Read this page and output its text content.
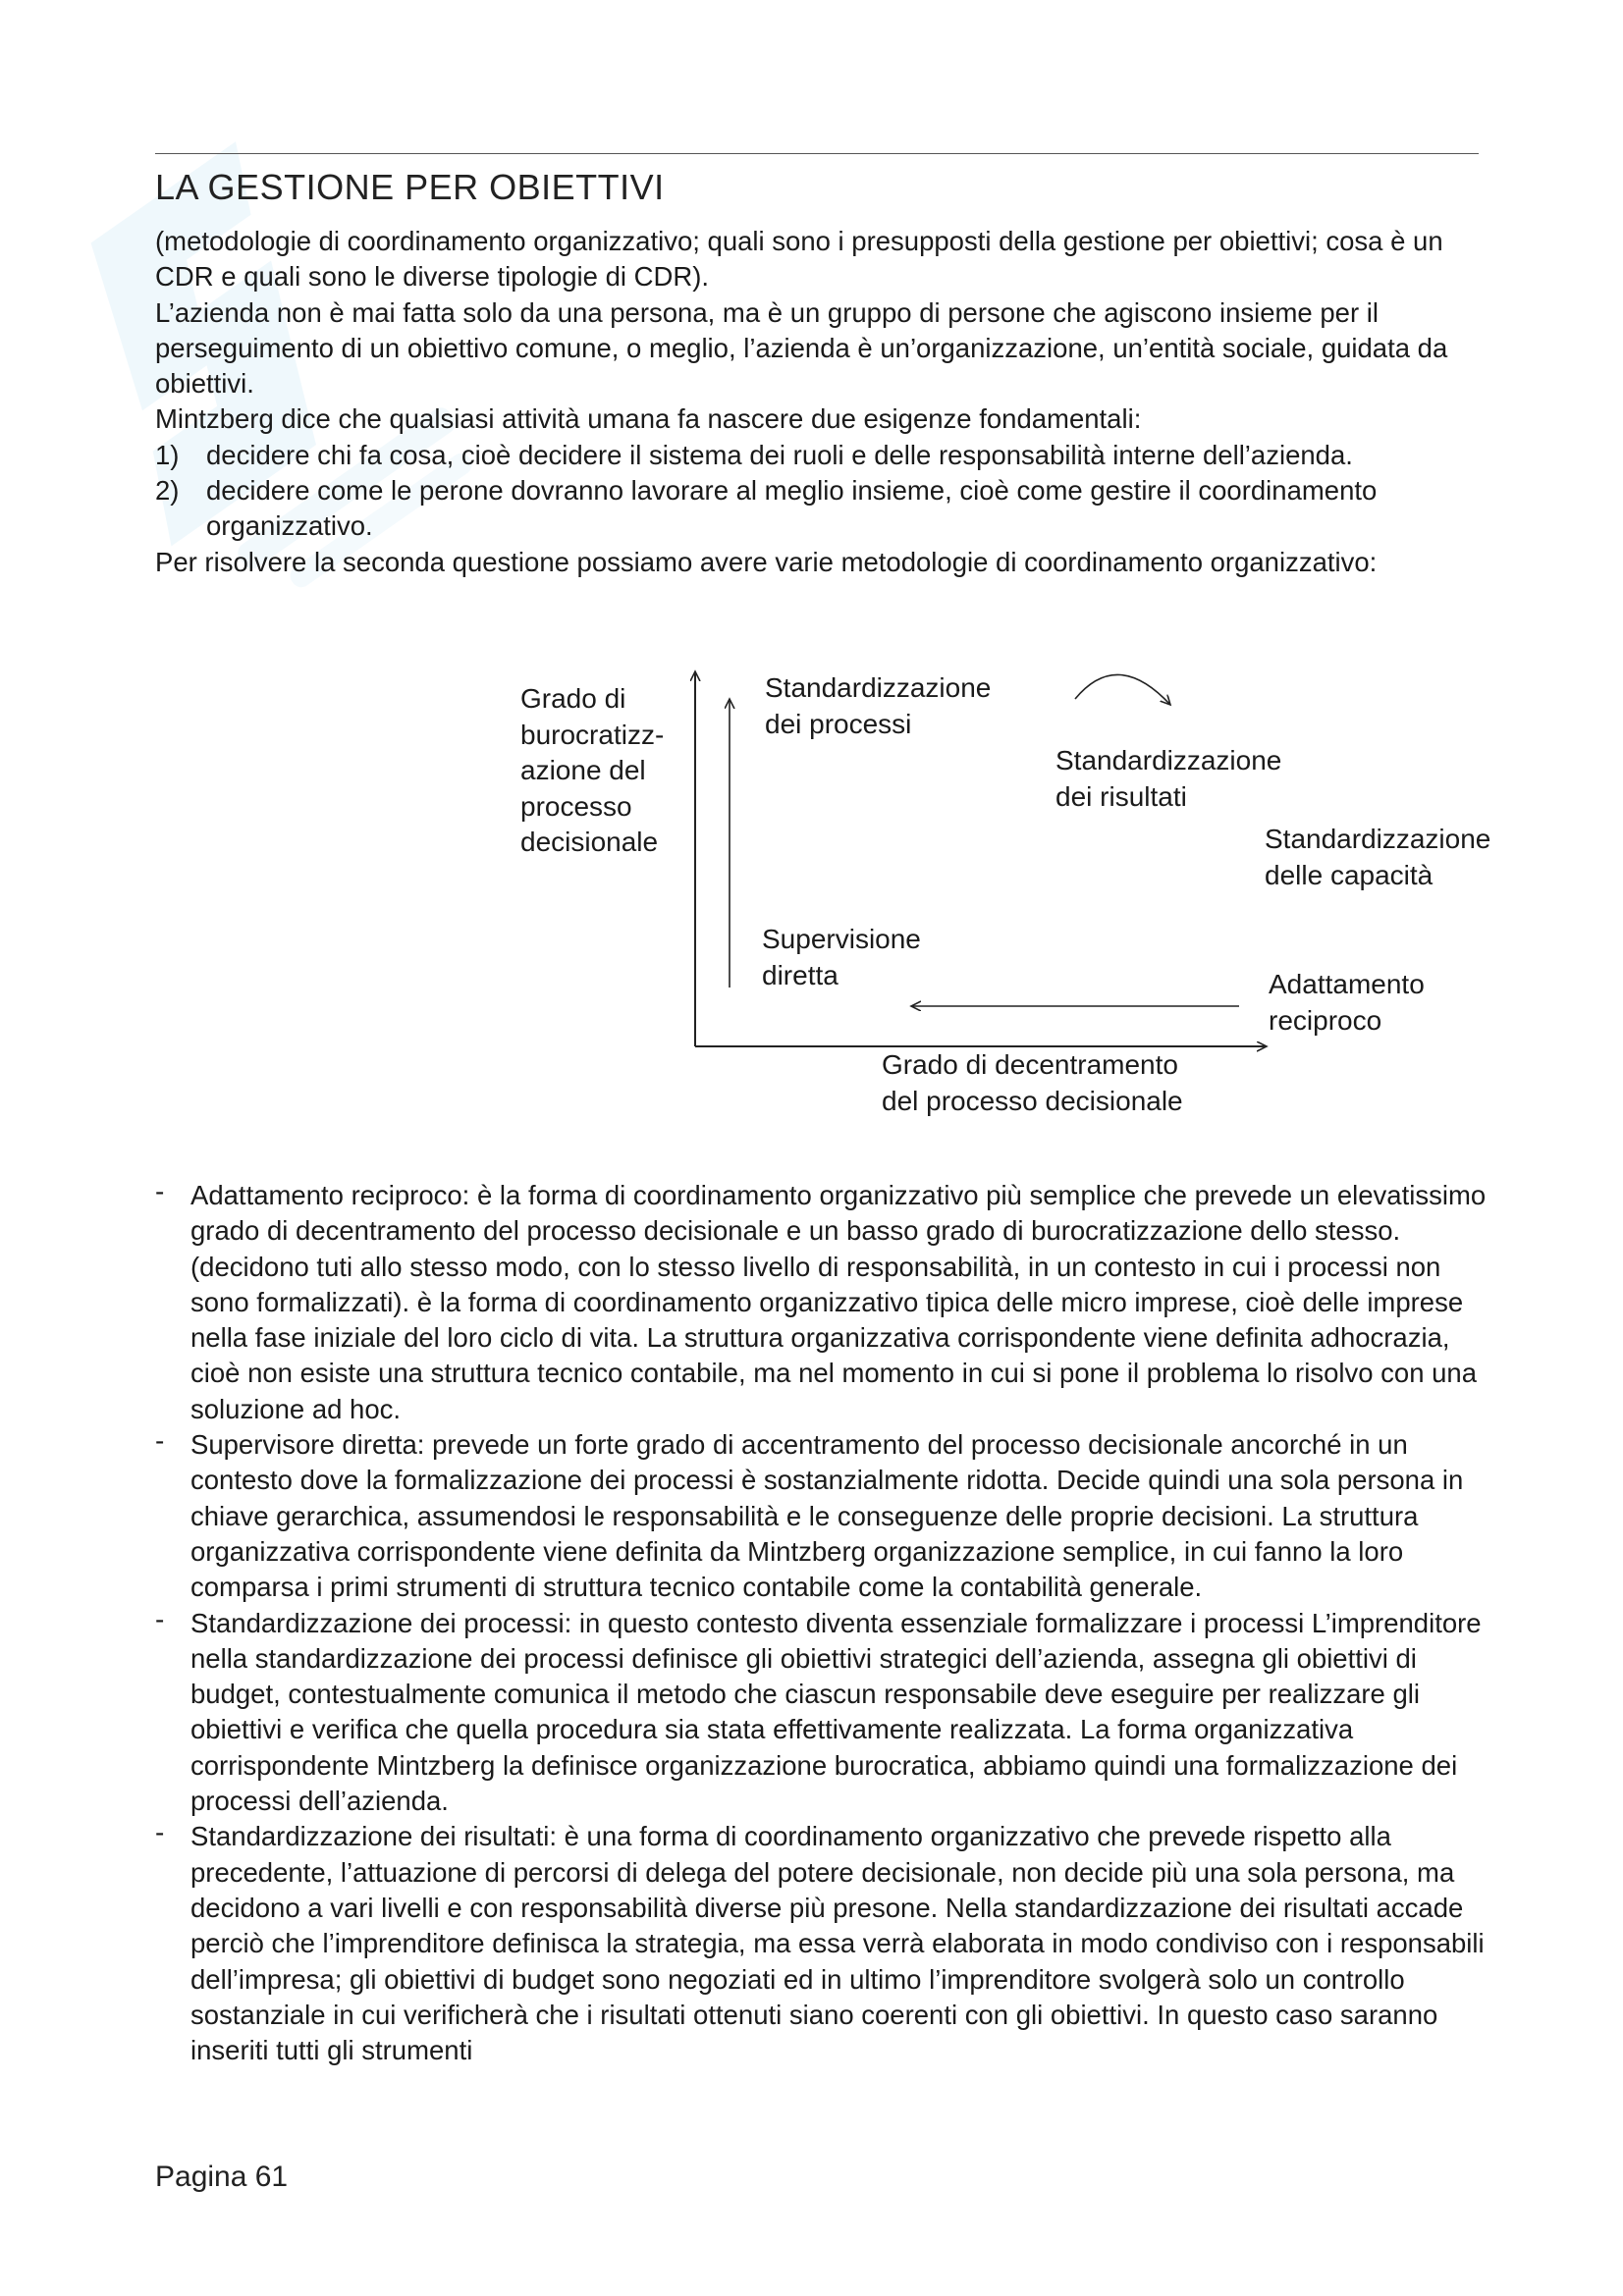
LA GESTIONE PER OBIETTIVI

(metodologie di coordinamento organizzativo; quali sono i presupposti della gestione per obiettivi; cosa è un CDR e quali sono le diverse tipologie di CDR).

L’azienda non è mai fatta solo da una persona, ma è un gruppo di persone che agiscono insieme per il perseguimento di un obiettivo comune, o meglio, l’azienda è un’organizzazione, un’entità sociale, guidata da obiettivi.

Mintzberg dice che qualsiasi attività umana fa nascere due esigenze fondamentali:

1) decidere chi fa cosa, cioè decidere il sistema dei ruoli e delle responsabilità interne dell’azienda.

2) decidere come le perone dovranno lavorare al meglio insieme, cioè come gestire il coordinamento organizzativo.

Per risolvere la seconda questione possiamo avere varie metodologie di coordinamento organizzativo:

Grado di
burocratizz-
azione del
processo
decisionale
Standardizzazione
dei processi
Standardizzazione
dei risultati
Standardizzazione
delle capacità
Supervisione
diretta	Adattamento
reciproco
Grado di decentramento
del processo decisionale
- Adattamento reciproco: è la forma di coordinamento organizzativo più semplice che prevede un elevatissimo grado di decentramento del processo decisionale e un basso grado di burocratizzazione dello stesso. (decidono tuti allo stesso modo, con lo stesso livello di responsabilità, in un contesto in cui i processi non sono formalizzati). è la forma di coordinamento organizzativo tipica delle micro imprese, cioè delle imprese nella fase iniziale del loro ciclo di vita. La struttura organizzativa corrispondente viene definita adhocrazia, cioè non esiste una struttura tecnico contabile, ma nel momento in cui si pone il problema lo risolvo con una soluzione ad hoc.
- Supervisore diretta: prevede un forte grado di accentramento del processo decisionale ancorché in un contesto dove la formalizzazione dei processi è sostanzialmente ridotta. Decide quindi una sola persona in chiave gerarchica, assumendosi le responsabilità e le conseguenze delle proprie decisioni. La struttura organizzativa corrispondente viene definita da Mintzberg organizzazione semplice, in cui fanno la loro comparsa i primi strumenti di struttura tecnico contabile come la contabilità generale.
- Standardizzazione dei processi: in questo contesto diventa essenziale formalizzare i processi L’imprenditore nella standardizzazione dei processi definisce gli obiettivi strategici dell’azienda, assegna gli obiettivi di budget, contestualmente comunica il metodo che ciascun responsabile deve eseguire per realizzare gli obiettivi e verifica che quella procedura sia stata effettivamente realizzata. La forma organizzativa corrispondente Mintzberg la definisce organizzazione burocratica, abbiamo quindi una formalizzazione dei processi dell’azienda.
- Standardizzazione dei risultati: è una forma di coordinamento organizzativo che prevede rispetto alla precedente, l’attuazione di percorsi di delega del potere decisionale, non decide più una sola persona, ma decidono a vari livelli e con responsabilità diverse più presone. Nella standardizzazione dei risultati accade perciò che l’imprenditore definisca la strategia, ma essa verrà elaborata in modo condiviso con i responsabili dell’impresa; gli obiettivi di budget sono negoziati ed in ultimo l’imprenditore svolgerà solo un controllo sostanziale in cui verificherà che i risultati ottenuti siano coerenti con gli obiettivi. In questo caso saranno inseriti tutti gli strumenti
Pagina 61
